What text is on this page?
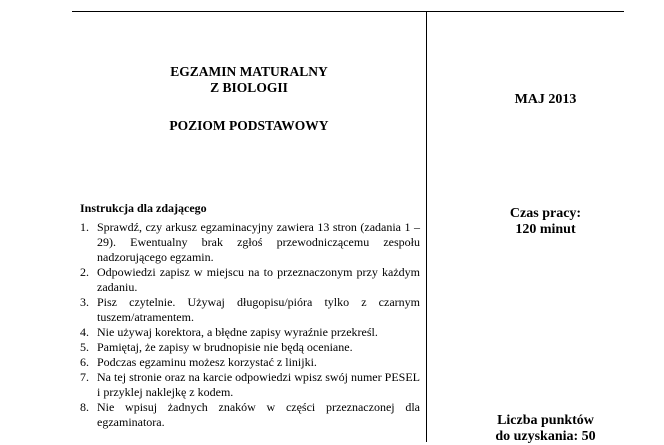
EGZAMIN MATURALNY
Z BIOLOGII
POZIOM PODSTAWOWY
MAJ 2013
Czas pracy:
120 minut
Liczba punktów
do uzyskania: 50
Instrukcja dla zdającego
1. Sprawdź, czy arkusz egzaminacyjny zawiera 13 stron (zadania 1 – 29). Ewentualny brak zgłoś przewodniczącemu zespołu nadzorującego egzamin.
2. Odpowiedzi zapisz w miejscu na to przeznaczonym przy każdym zadaniu.
3. Pisz czytelnie. Używaj długopisu/pióra tylko z czarnym tuszem/atramentem.
4. Nie używaj korektora, a błędne zapisy wyraźnie przekreśl.
5. Pamiętaj, że zapisy w brudnopisie nie będą oceniane.
6. Podczas egzaminu możesz korzystać z linijki.
7. Na tej stronie oraz na karcie odpowiedzi wpisz swój numer PESEL i przyklej naklejkę z kodem.
8. Nie wpisuj żadnych znaków w części przeznaczonej dla egzaminatora.
